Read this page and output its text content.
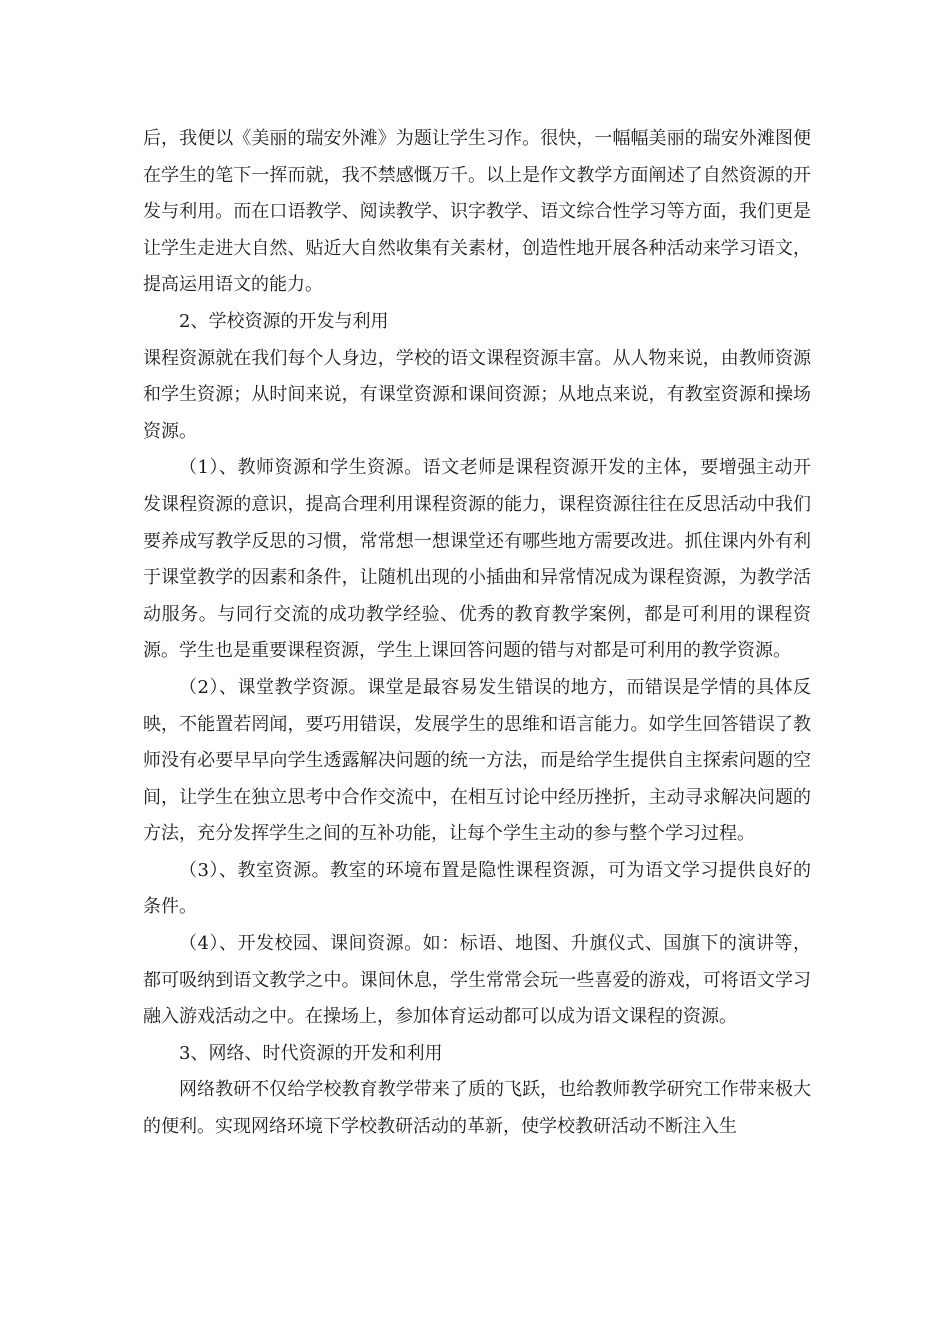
后，我便以《美丽的瑞安外滩》为题让学生习作。很快，一幅幅美丽的瑞安外滩图便在学生的笔下一挥而就，我不禁感慨万千。以上是作文教学方面阐述了自然资源的开发与利用。而在口语教学、阅读教学、识字教学、语文综合性学习等方面，我们更是让学生走进大自然、贴近大自然收集有关素材，创造性地开展各种活动来学习语文，提高运用语文的能力。

2、学校资源的开发与利用

课程资源就在我们每个人身边，学校的语文课程资源丰富。从人物来说，由教师资源和学生资源；从时间来说，有课堂资源和课间资源；从地点来说，有教室资源和操场资源。

（1）、教师资源和学生资源。语文老师是课程资源开发的主体，要增强主动开发课程资源的意识，提高合理利用课程资源的能力，课程资源往往在反思活动中我们要养成写教学反思的习惯，常常想一想课堂还有哪些地方需要改进。抓住课内外有利于课堂教学的因素和条件，让随机出现的小插曲和异常情况成为课程资源，为教学活动服务。与同行交流的成功教学经验、优秀的教育教学案例，都是可利用的课程资源。学生也是重要课程资源，学生上课回答问题的错与对都是可利用的教学资源。

（2）、课堂教学资源。课堂是最容易发生错误的地方，而错误是学情的具体反映，不能置若罔闻，要巧用错误，发展学生的思维和语言能力。如学生回答错误了教师没有必要早早向学生透露解决问题的统一方法，而是给学生提供自主探索问题的空间，让学生在独立思考中合作交流中，在相互讨论中经历挫折，主动寻求解决问题的方法，充分发挥学生之间的互补功能，让每个学生主动的参与整个学习过程。

（3）、教室资源。教室的环境布置是隐性课程资源，可为语文学习提供良好的条件。

（4）、开发校园、课间资源。如：标语、地图、升旗仪式、国旗下的演讲等，都可吸纳到语文教学之中。课间休息，学生常常会玩一些喜爱的游戏，可将语文学习融入游戏活动之中。在操场上，参加体育运动都可以成为语文课程的资源。

3、网络、时代资源的开发和利用

网络教研不仅给学校教育教学带来了质的飞跃，也给教师教学研究工作带来极大的便利。实现网络环境下学校教研活动的革新，使学校教研活动不断注入生
